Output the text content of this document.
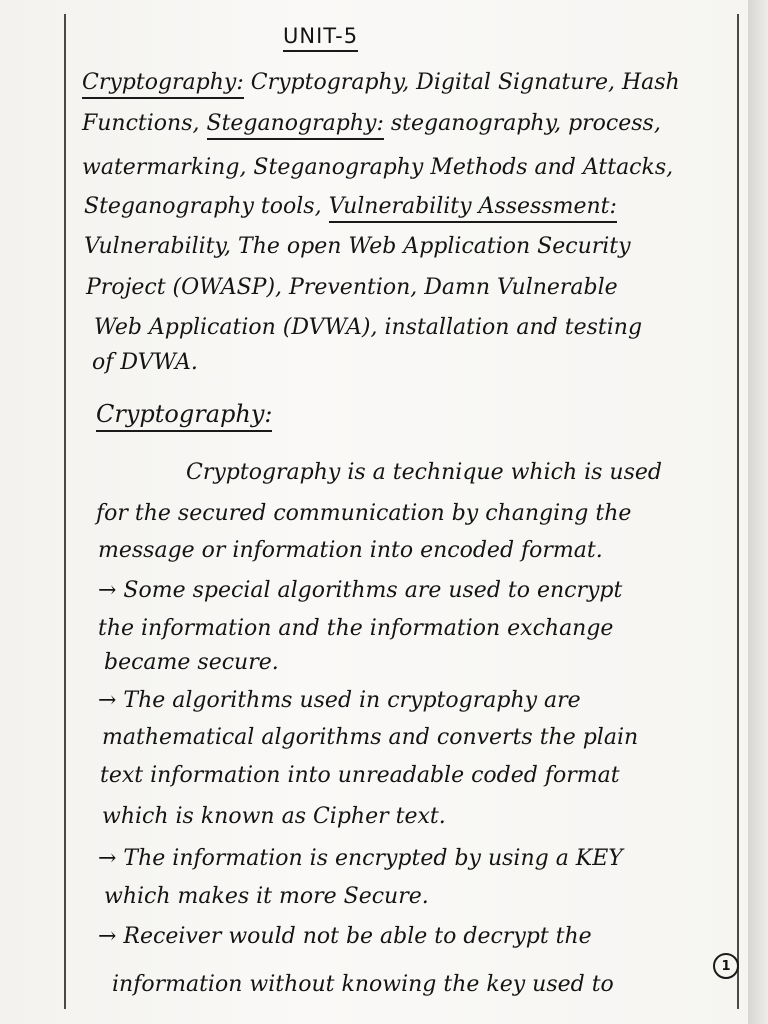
UNIT-5
Cryptography: Cryptography, Digital Signature, Hash
Functions, Steganography: steganography, process,
watermarking, Steganography Methods and Attacks,
Steganography tools, Vulnerability Assessment:
Vulnerability, The open Web Application Security
Project (OWASP), Prevention, Damn Vulnerable
Web Application (DVWA), installation and testing
of DVWA.
Cryptography:
Cryptography is a technique which is used
for the secured communication by changing the
message or information into encoded format.
→ Some special algorithms are used to encrypt
the information and the information exchange
became secure.
→ The algorithms used in cryptography are
mathematical algorithms and converts the plain
text information into unreadable coded format
which is known as Cipher text.
→ The information is encrypted by using a KEY
which makes it more Secure.
→ Receiver would not be able to decrypt the
information without knowing the key used to
1
